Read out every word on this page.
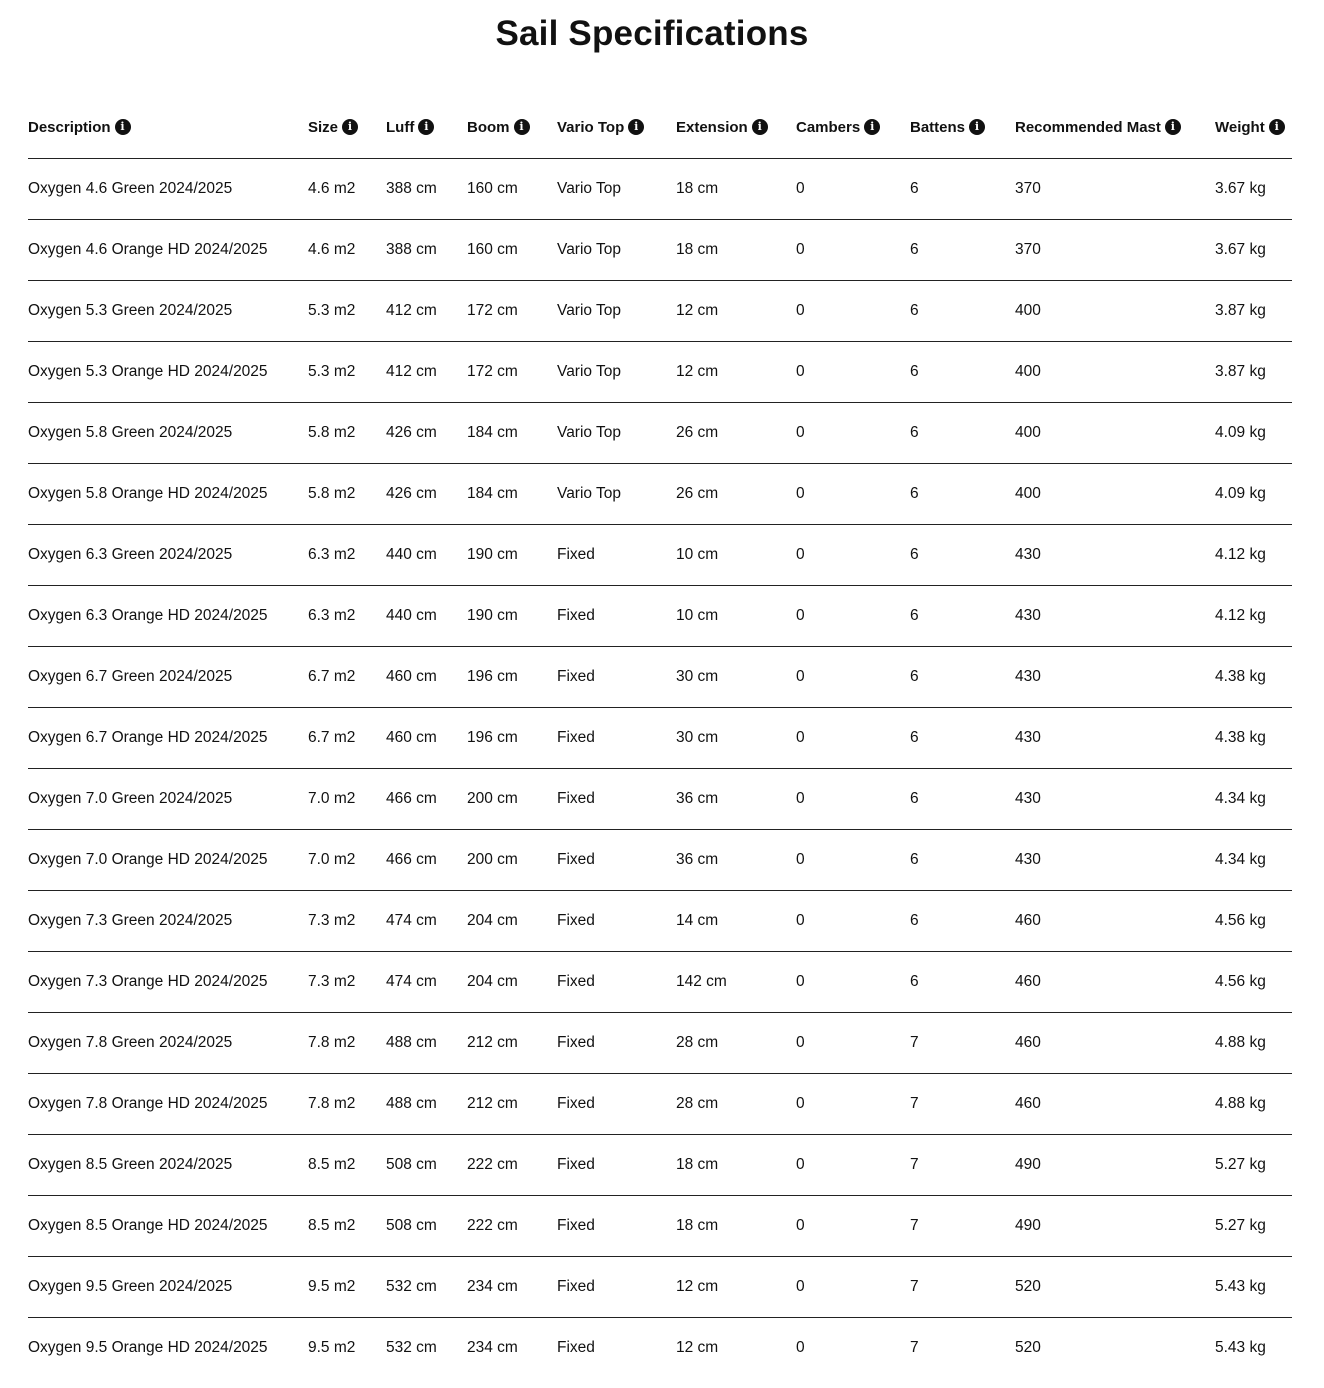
Sail Specifications
Description i	Size i	Luff i	Boom i	Vario Top i	Extension i	Cambers i	Battens i	Recommended Mast i	Weight i

Oxygen 4.6 Green 2024/2025	4.6 m2	388 cm	160 cm	Vario Top	18 cm	0	6	370	3.67 kg
Oxygen 4.6 Orange HD 2024/2025	4.6 m2	388 cm	160 cm	Vario Top	18 cm	0	6	370	3.67 kg
Oxygen 5.3 Green 2024/2025	5.3 m2	412 cm	172 cm	Vario Top	12 cm	0	6	400	3.87 kg
Oxygen 5.3 Orange HD 2024/2025	5.3 m2	412 cm	172 cm	Vario Top	12 cm	0	6	400	3.87 kg
Oxygen 5.8 Green 2024/2025	5.8 m2	426 cm	184 cm	Vario Top	26 cm	0	6	400	4.09 kg
Oxygen 5.8 Orange HD 2024/2025	5.8 m2	426 cm	184 cm	Vario Top	26 cm	0	6	400	4.09 kg
Oxygen 6.3 Green 2024/2025	6.3 m2	440 cm	190 cm	Fixed	10 cm	0	6	430	4.12 kg
Oxygen 6.3 Orange HD 2024/2025	6.3 m2	440 cm	190 cm	Fixed	10 cm	0	6	430	4.12 kg
Oxygen 6.7 Green 2024/2025	6.7 m2	460 cm	196 cm	Fixed	30 cm	0	6	430	4.38 kg
Oxygen 6.7 Orange HD 2024/2025	6.7 m2	460 cm	196 cm	Fixed	30 cm	0	6	430	4.38 kg
Oxygen 7.0 Green 2024/2025	7.0 m2	466 cm	200 cm	Fixed	36 cm	0	6	430	4.34 kg
Oxygen 7.0 Orange HD 2024/2025	7.0 m2	466 cm	200 cm	Fixed	36 cm	0	6	430	4.34 kg
Oxygen 7.3 Green 2024/2025	7.3 m2	474 cm	204 cm	Fixed	14 cm	0	6	460	4.56 kg
Oxygen 7.3 Orange HD 2024/2025	7.3 m2	474 cm	204 cm	Fixed	142 cm	0	6	460	4.56 kg
Oxygen 7.8 Green 2024/2025	7.8 m2	488 cm	212 cm	Fixed	28 cm	0	7	460	4.88 kg
Oxygen 7.8 Orange HD 2024/2025	7.8 m2	488 cm	212 cm	Fixed	28 cm	0	7	460	4.88 kg
Oxygen 8.5 Green 2024/2025	8.5 m2	508 cm	222 cm	Fixed	18 cm	0	7	490	5.27 kg
Oxygen 8.5 Orange HD 2024/2025	8.5 m2	508 cm	222 cm	Fixed	18 cm	0	7	490	5.27 kg
Oxygen 9.5 Green 2024/2025	9.5 m2	532 cm	234 cm	Fixed	12 cm	0	7	520	5.43 kg
Oxygen 9.5 Orange HD 2024/2025	9.5 m2	532 cm	234 cm	Fixed	12 cm	0	7	520	5.43 kg
